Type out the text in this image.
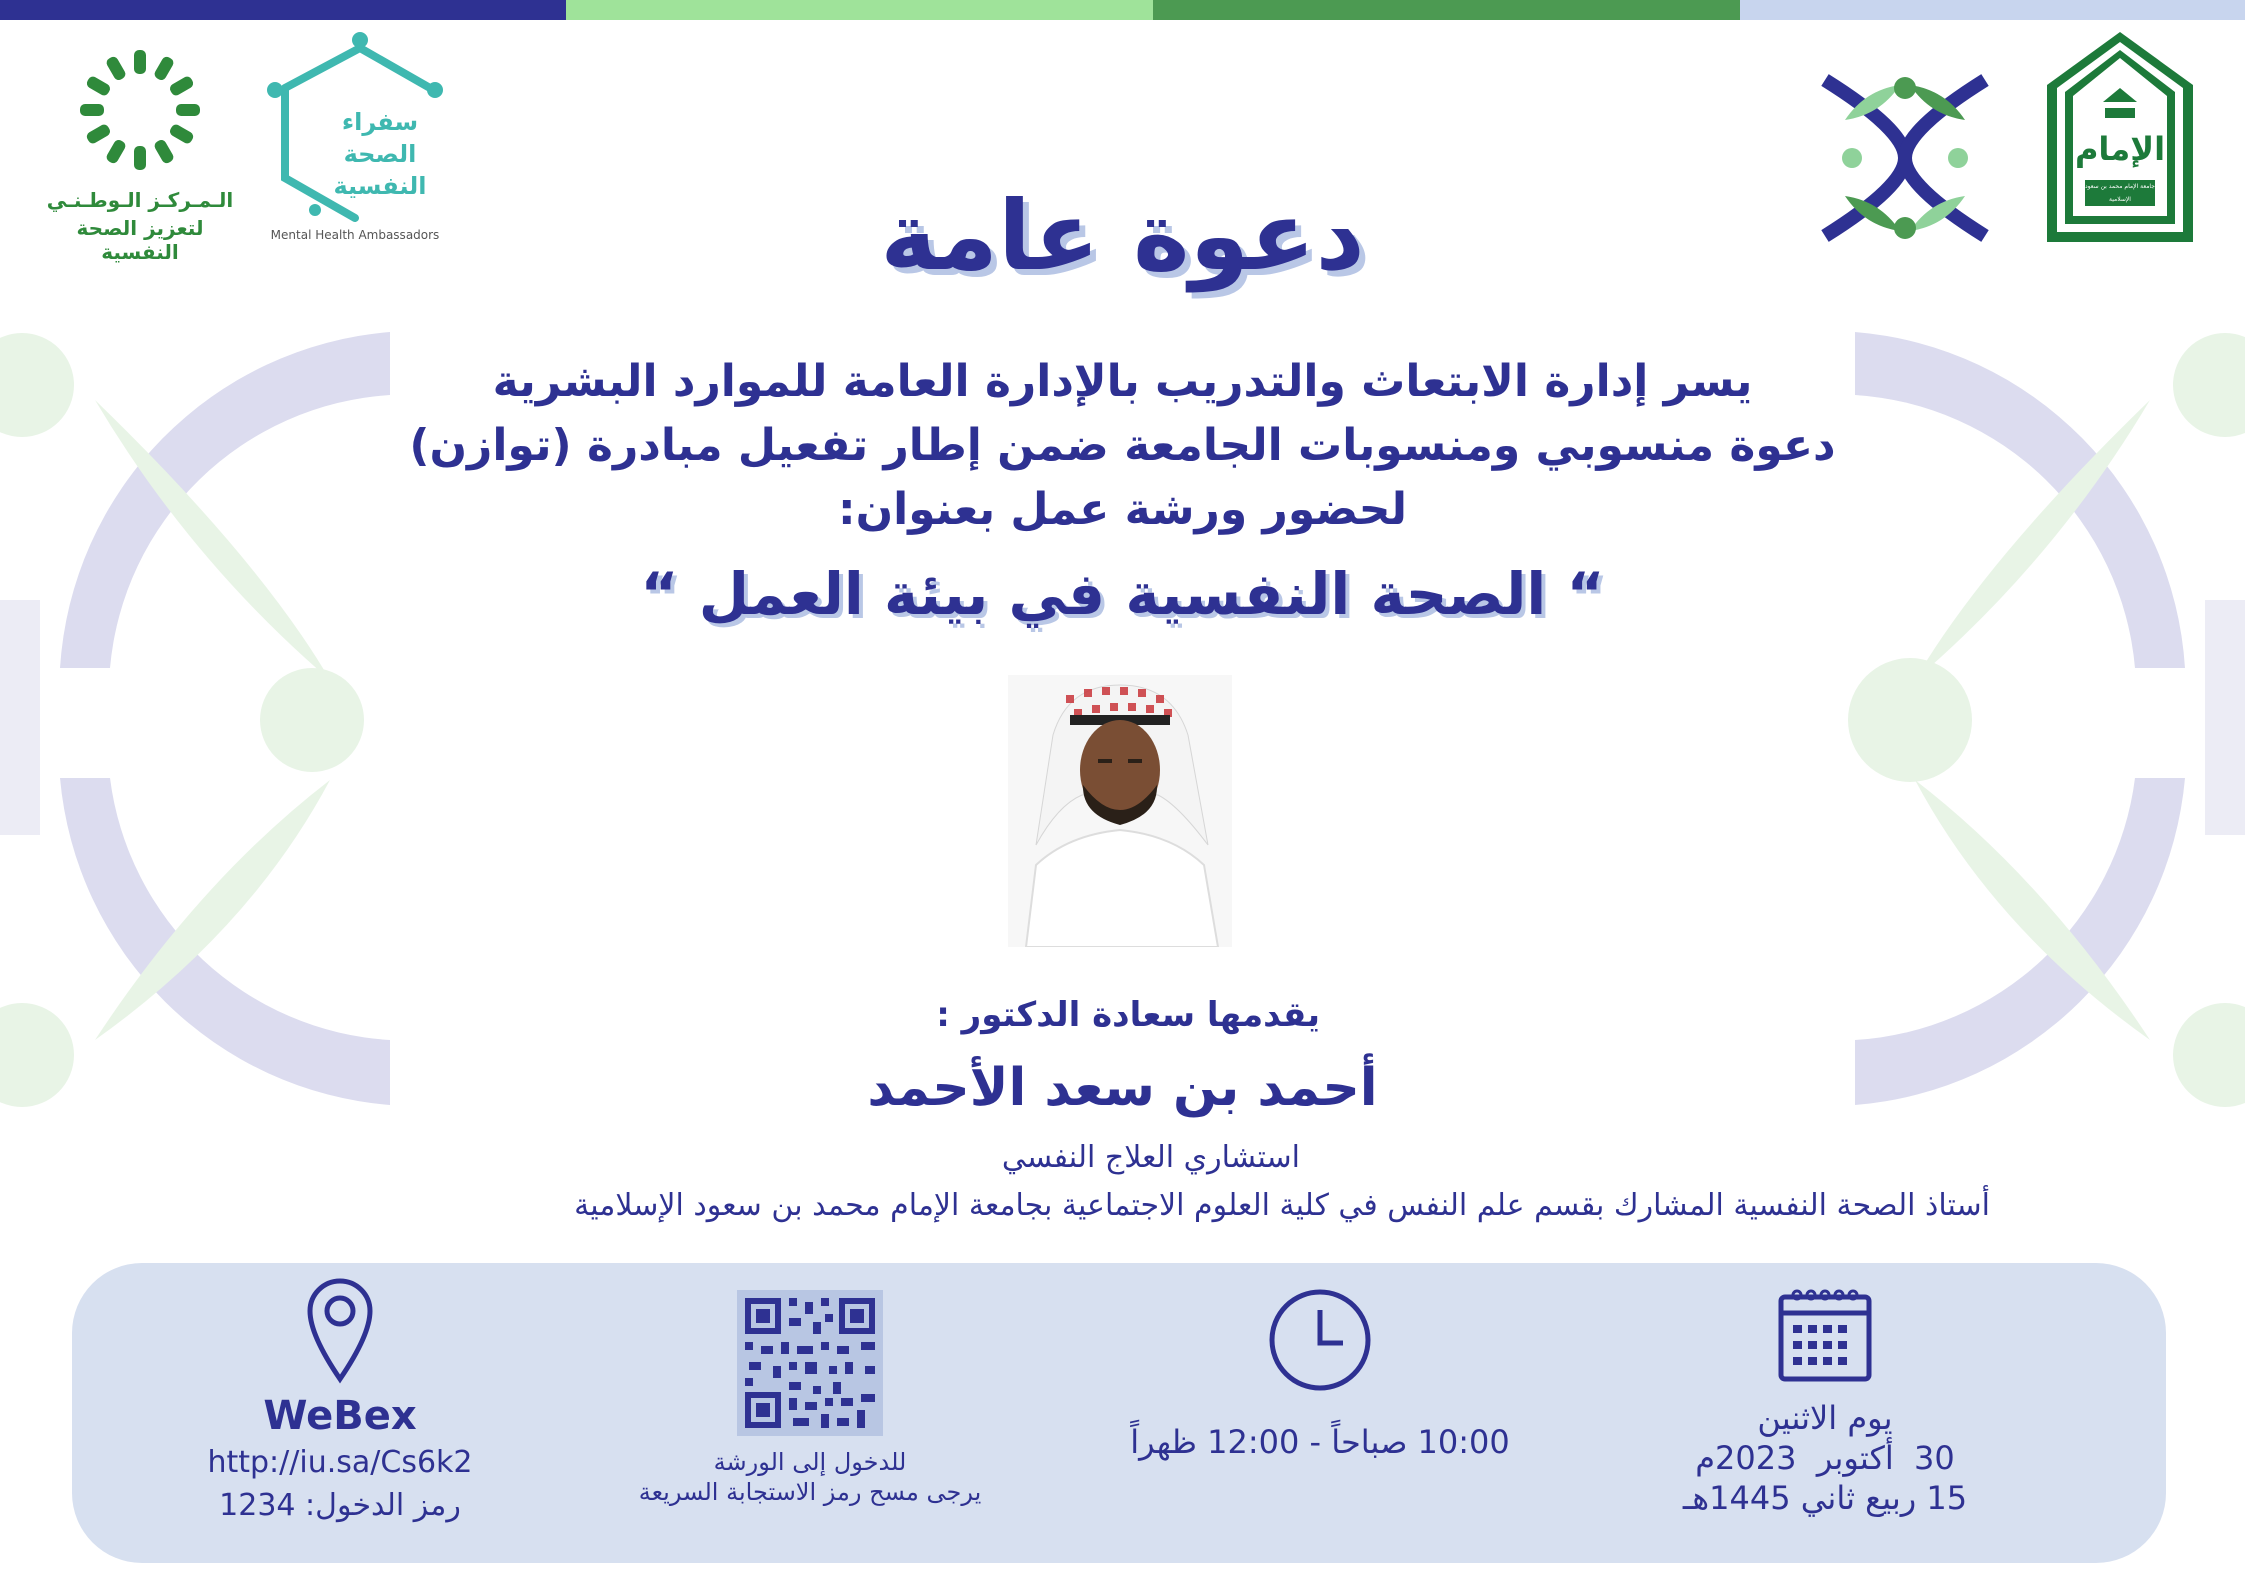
الـمـركـز الـوطـنـي
لتعزيز الصحة النفسية
سفراء
الصحة
النفسية
Mental Health Ambassadors
الإمام
جامعة الإمام محمد بن سعود الإسلامية
دعوة عامة
يسر إدارة الابتعاث والتدريب بالإدارة العامة للموارد البشرية
دعوة منسوبي ومنسوبات الجامعة ضمن إطار تفعيل مبادرة (توازن)
لحضور ورشة عمل بعنوان:
“ الصحة النفسية في بيئة العمل “
يقدمها سعادة الدكتور :
أحمد بن سعد الأحمد
استشاري العلاج النفسي
أستاذ الصحة النفسية المشارك بقسم علم النفس في كلية العلوم الاجتماعية بجامعة الإمام محمد بن سعود الإسلامية
WeBex
http://iu.sa/Cs6k2
رمز الدخول: 1234
للدخول إلى الورشة
يرجى مسح رمز الاستجابة السريعة
10:00 صباحاً - 12:00 ظهراً
يوم الاثنين
30  أكتوبر  2023م
15 ربيع ثاني 1445هـ
